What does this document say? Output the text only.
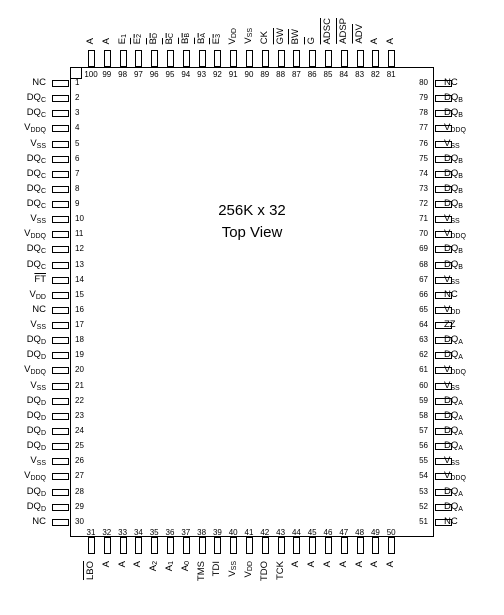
256K x 32
Top View
1
NC
2
$DQ_C$
3
$DQ_C$
4
$V_{DDQ}$
5
$V_{SS}$
6
$DQ_C$
7
$DQ_C$
8
$DQ_C$
9
$DQ_C$
10
$V_{SS}$
11
$V_{DDQ}$
12
$DQ_C$
13
$DQ_C$
14
$\overline{FT}$
15
$V_{DD}$
16
NC
17
$V_{SS}$
18
$DQ_D$
19
$DQ_D$
20
$V_{DDQ}$
21
$V_{SS}$
22
$DQ_D$
23
$DQ_D$
24
$DQ_D$
25
$DQ_D$
26
$V_{SS}$
27
$V_{DDQ}$
28
$DQ_D$
29
$DQ_D$
30
NC
80 NC
79 $DQ_B$
78 $DQ_B$
77 $V_{DDQ}$
76 $V_{SS}$
75 $DQ_B$
74 $DQ_B$
73 $DQ_B$
72 $DQ_B$
71 $V_{SS}$
70 $V_{DDQ}$
69 $DQ_B$
68 $DQ_B$
67 $V_{SS}$
66 NC
65 $V_{DD}$
64 ZZ
63 $DQ_A$
62 $DQ_A$
61 $V_{DDQ}$
60 $V_{SS}$
59 $DQ_A$
58 $DQ_A$
57 $DQ_A$
56 $DQ_A$
55 $V_{SS}$
54 $V_{DDQ}$
53 $DQ_A$
52 $DQ_A$
51 NC
100
A
99
A
98
$E_1$
97
$E_2$
96
$B_D$
95
$B_C$
94
$B_B$
93
$B_A$
92
$E_3$
91
$V_{DD}$
90
$V_{SS}$
89
CK
88
GW
87
BW
86
G
85
ADSC
84
ADSP
83
ADV
82
A
81
A
31
LBO
32
A
33
A
34
A
35
$A_2$
36
$A_1$
37
$A_0$
38
TMS
39
TDI
40
$V_{SS}$
41
$V_{DD}$
42
TDO
43
TCK
44
A
45
A
46
A
47
A
48
A
49
A
50
A
